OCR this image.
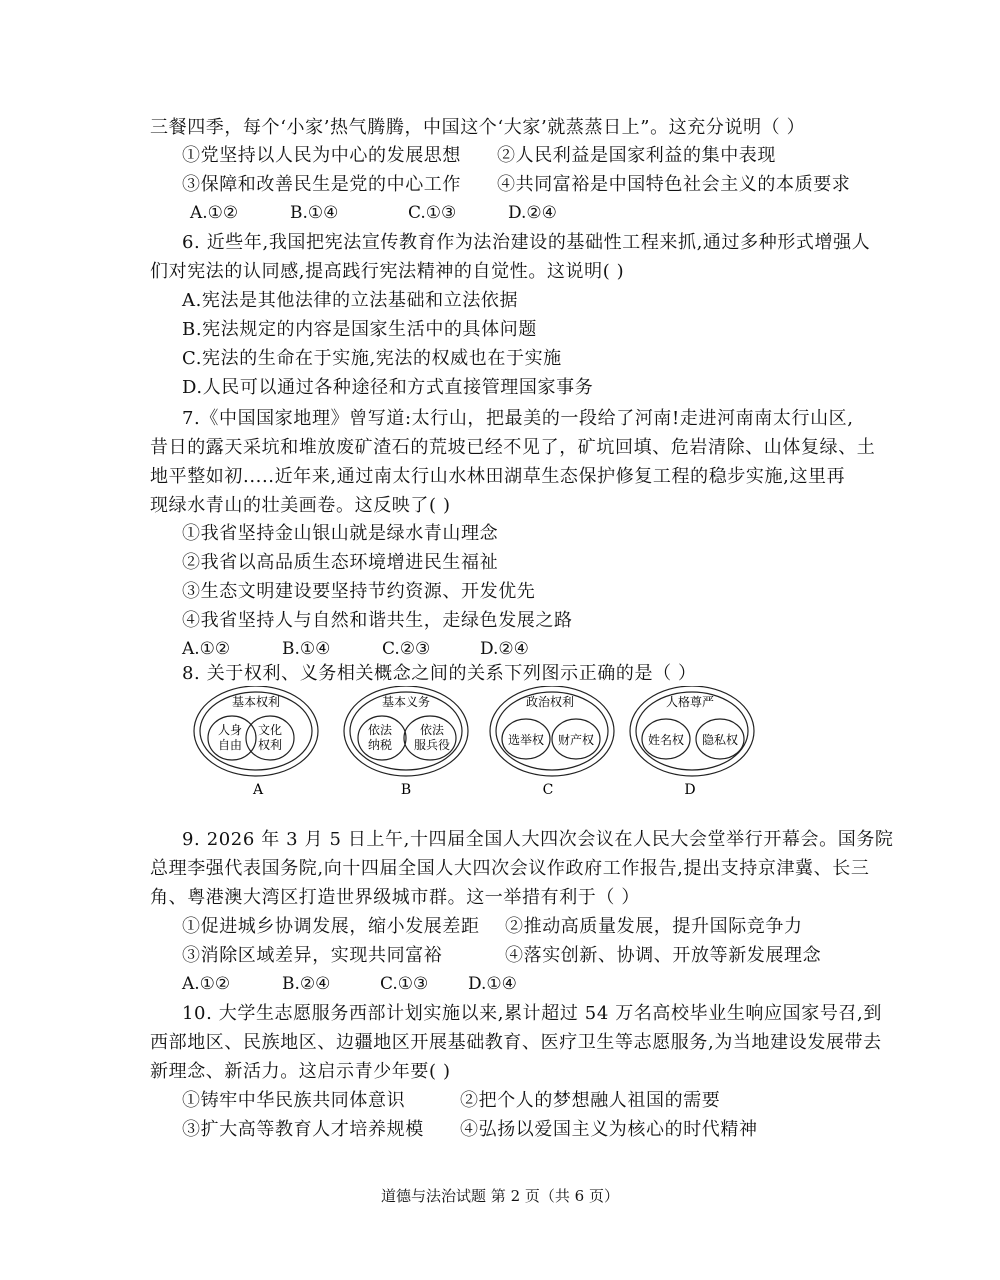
三餐四季，每个‘小家’热气腾腾，中国这个‘大家’就蒸蒸日上”。这充分说明（ ）
①党坚持以人民为中心的发展思想 ②人民利益是国家利益的集中表现
③保障和改善民生是党的中心工作 ④共同富裕是中国特色社会主义的本质要求
A.①②	B.①④	C.①③	D.②④
6. 近些年,我国把宪法宣传教育作为法治建设的基础性工程来抓,通过多种形式增强人
们对宪法的认同感,提高践行宪法精神的自觉性。这说明( )
A.宪法是其他法律的立法基础和立法依据
B.宪法规定的内容是国家生活中的具体问题
C.宪法的生命在于实施,宪法的权威也在于实施
D.人民可以通过各种途径和方式直接管理国家事务
7.《中国国家地理》曾写道:太行山，把最美的一段给了河南!走进河南南太行山区,
昔日的露天采坑和堆放废矿渣石的荒坡已经不见了，矿坑回填、危岩清除、山体复绿、土
地平整如初.....近年来,通过南太行山水林田湖草生态保护修复工程的稳步实施,这里再
现绿水青山的壮美画卷。这反映了( )
①我省坚持金山银山就是绿水青山理念
②我省以高品质生态环境增进民生福祉
③生态文明建设要坚持节约资源、开发优先
④我省坚持人与自然和谐共生，走绿色发展之路
A.①②	B.①④	C.②③	D.②④
8. 关于权利、义务相关概念之间的关系下列图示正确的是（ ）
基本权利
人身
自由
文化
权利
A
基本义务
依法
纳税
依法
服兵役
B
政治权利
选举权 财产权
C
人格尊严
姓名权 隐私权
D
9. 2026 年 3 月 5 日上午,十四届全国人大四次会议在人民大会堂举行开幕会。国务院
总理李强代表国务院,向十四届全国人大四次会议作政府工作报告,提出支持京津冀、长三
角、粤港澳大湾区打造世界级城市群。这一举措有利于（ ）
①促进城乡协调发展，缩小发展差距 ②推动高质量发展，提升国际竞争力
③消除区域差异，实现共同富裕	④落实创新、协调、开放等新发展理念
A.①②	B.②④	C.①③ D.①④
10. 大学生志愿服务西部计划实施以来,累计超过 54 万名高校毕业生响应国家号召,到
西部地区、民族地区、边疆地区开展基础教育、医疗卫生等志愿服务,为当地建设发展带去
新理念、新活力。这启示青少年要( )
①铸牢中华民族共同体意识	②把个人的梦想融人祖国的需要
③扩大高等教育人才培养规模 ④弘扬以爱国主义为核心的时代精神
道德与法治试题 第 2 页（共 6 页）
